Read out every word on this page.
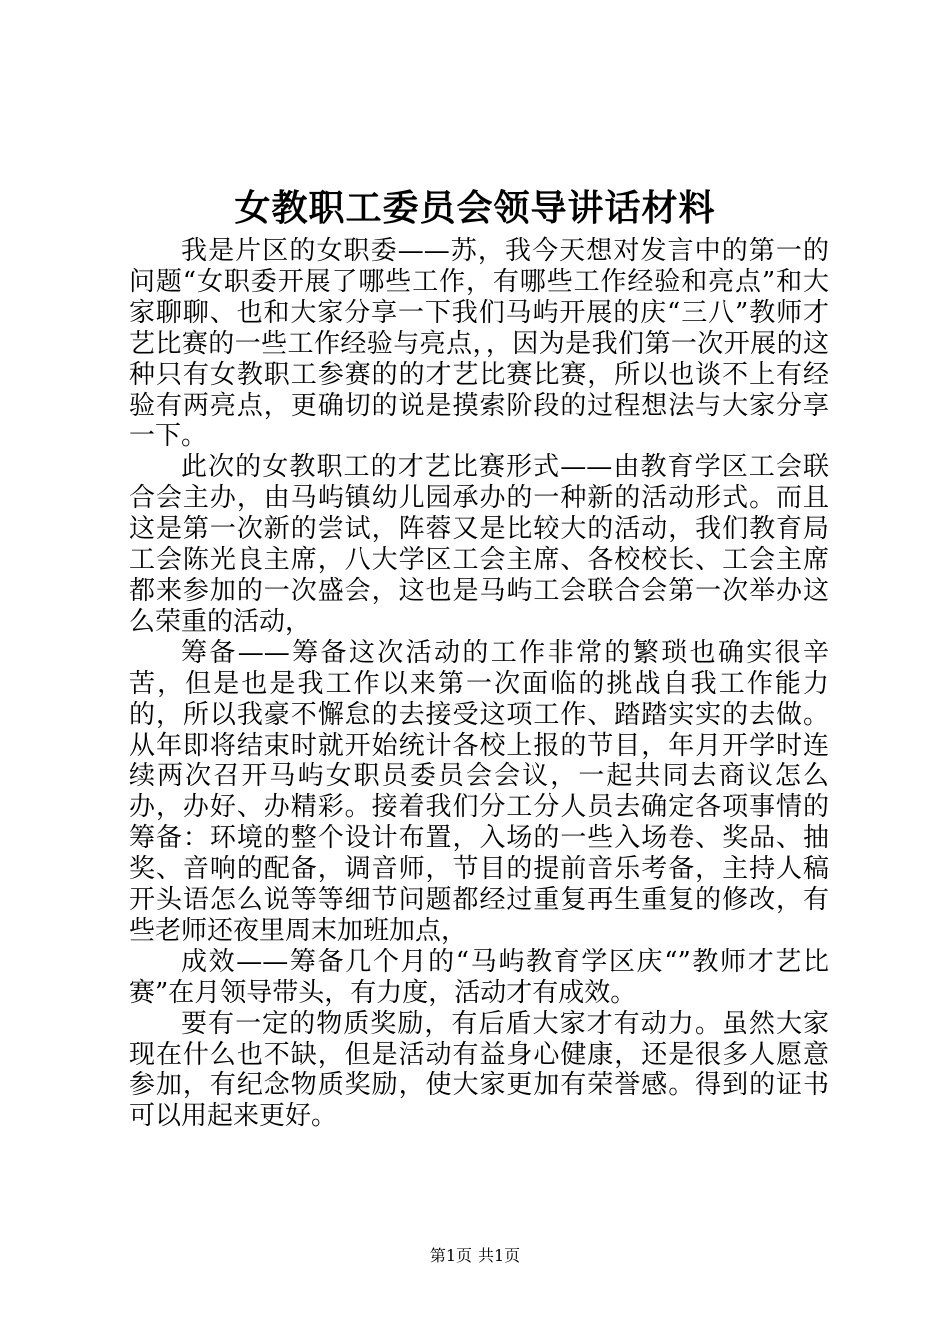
女教职工委员会领导讲话材料

我是片区的女职委——苏，我今天想对发言中的第一的问题“女职委开展了哪些工作，有哪些工作经验和亮点”和大家聊聊、也和大家分享一下我们马屿开展的庆“三八”教师才艺比赛的一些工作经验与亮点，，因为是我们第一次开展的这种只有女教职工参赛的的才艺比赛比赛，所以也谈不上有经验有两亮点，更确切的说是摸索阶段的过程想法与大家分享一下。

此次的女教职工的才艺比赛形式——由教育学区工会联合会主办，由马屿镇幼儿园承办的一种新的活动形式。而且这是第一次新的尝试，阵蓉又是比较大的活动，我们教育局工会陈光良主席，八大学区工会主席、各校校长、工会主席都来参加的一次盛会，这也是马屿工会联合会第一次举办这么荣重的活动，

筹备——筹备这次活动的工作非常的繁琐也确实很辛苦，但是也是我工作以来第一次面临的挑战自我工作能力的，所以我豪不懈怠的去接受这项工作、踏踏实实的去做。从年即将结束时就开始统计各校上报的节目，年月开学时连续两次召开马屿女职员委员会会议，一起共同去商议怎么办，办好、办精彩。接着我们分工分人员去确定各项事情的筹备：环境的整个设计布置，入场的一些入场卷、奖品、抽奖、音响的配备，调音师，节目的提前音乐考备，主持人稿开头语怎么说等等细节问题都经过重复再生重复的修改，有些老师还夜里周末加班加点，

成效——筹备几个月的“马屿教育学区庆“”教师才艺比赛”在月领导带头，有力度，活动才有成效。

要有一定的物质奖励，有后盾大家才有动力。虽然大家现在什么也不缺，但是活动有益身心健康，还是很多人愿意参加，有纪念物质奖励，使大家更加有荣誉感。得到的证书可以用起来更好。

第1页 共1页
